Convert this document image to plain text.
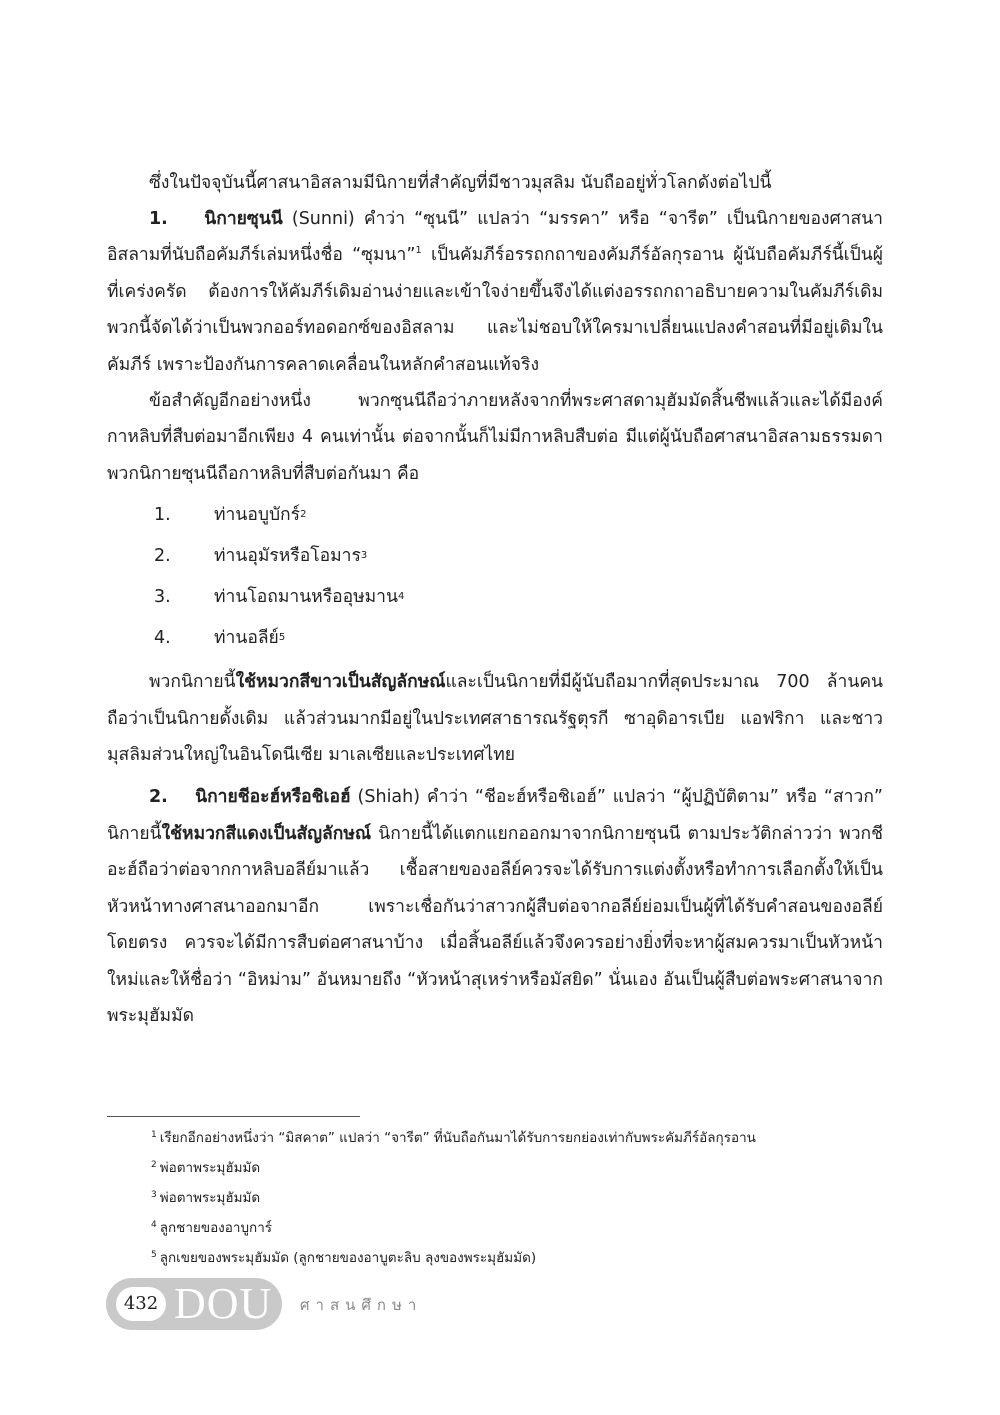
ซึ่งในปัจจุบันนี้ศาสนาอิสลามมีนิกายที่สำคัญที่มีชาวมุสลิม นับถืออยู่ทั่วโลกดังต่อไปนี้

1. นิกายซุนนี (Sunni) คำว่า “ซุนนี” แปลว่า “มรรคา” หรือ “จารีต” เป็นนิกายของศาสนาอิสลามที่นับถือคัมภีร์เล่มหนึ่งชื่อ “ซุมนา”$^1$ เป็นคัมภีร์อรรถกถาของคัมภีร์อัลกุรอาน ผู้นับถือคัมภีร์นี้เป็นผู้ที่เคร่งครัด ต้องการให้คัมภีร์เดิมอ่านง่ายและเข้าใจง่ายขึ้นจึงได้แต่งอรรถกถาอธิบายความในคัมภีร์เดิม พวกนี้จัดได้ว่าเป็นพวกออร์ทอดอกซ์ของอิสลาม และไม่ชอบให้ใครมาเปลี่ยนแปลงคำสอนที่มีอยู่เดิมในคัมภีร์ เพราะป้องกันการคลาดเคลื่อนในหลักคำสอนแท้จริง

ข้อสำคัญอีกอย่างหนึ่ง พวกซุนนีถือว่าภายหลังจากที่พระศาสดามุฮัมมัดสิ้นชีพแล้วและได้มีองค์กาหลิบที่สืบต่อมาอีกเพียง 4 คนเท่านั้น ต่อจากนั้นก็ไม่มีกาหลิบสืบต่อ มีแต่ผู้นับถือศาสนาอิสลามธรรมดา พวกนิกายซุนนีถือกาหลิบที่สืบต่อกันมา คือ

1.	ท่านอบูบักร์ 2
2.	ท่านอุมัรหรือโอมาร 3
3.	ท่านโอถมานหรืออุษมาน 4
4.	ท่านอลีย์ 5

พวกนิกายนี้ใช้หมวกสีขาวเป็นสัญลักษณ์และเป็นนิกายที่มีผู้นับถือมากที่สุดประมาณ 700 ล้านคน ถือว่าเป็นนิกายดั้งเดิม แล้วส่วนมากมีอยู่ในประเทศสาธารณรัฐตุรกี ซาอุดิอารเบีย แอฟริกา และชาวมุสลิมส่วนใหญ่ในอินโดนีเซีย มาเลเซียและประเทศไทย

2. นิกายชีอะฮ์หรือชิเอฮ์ (Shiah) คำว่า “ชีอะฮ์หรือชิเอฮ์” แปลว่า “ผู้ปฏิบัติตาม” หรือ “สาวก” นิกายนี้ใช้หมวกสีแดงเป็นสัญลักษณ์ นิกายนี้ได้แตกแยกออกมาจากนิกายซุนนี ตามประวัติกล่าวว่า พวกชีอะฮ์ถือว่าต่อจากกาหลิบอลีย์มาแล้ว เชื้อสายของอลีย์ควรจะได้รับการแต่งตั้งหรือทำการเลือกตั้งให้เป็นหัวหน้าทางศาสนาออกมาอีก เพราะเชื่อกันว่าสาวกผู้สืบต่อจากอลีย์ย่อมเป็นผู้ที่ได้รับคำสอนของอลีย์โดยตรง ควรจะได้มีการสืบต่อศาสนาบ้าง เมื่อสิ้นอลีย์แล้วจึงควรอย่างยิ่งที่จะหาผู้สมควรมาเป็นหัวหน้าใหม่และให้ชื่อว่า “อิหม่าม” อันหมายถึง “หัวหน้าสุเหร่าหรือมัสยิด” นั่นเอง อันเป็นผู้สืบต่อพระศาสนาจากพระมุฮัมมัด

$^1$ เรียกอีกอย่างหนึ่งว่า “มิสคาต” แปลว่า “จารีต” ที่นับถือกันมาได้รับการยกย่องเท่ากับพระคัมภีร์อัลกุรอาน
$^2$ พ่อตาพระมุฮัมมัด
$^3$ พ่อตาพระมุฮัมมัด
$^4$ ลูกชายของอาบูการ์
$^5$ ลูกเขยของพระมุฮัมมัด (ลูกชายของอาบูตะลิบ ลุงของพระมุฮัมมัด)
432 DOU ศาสนศึกษา
